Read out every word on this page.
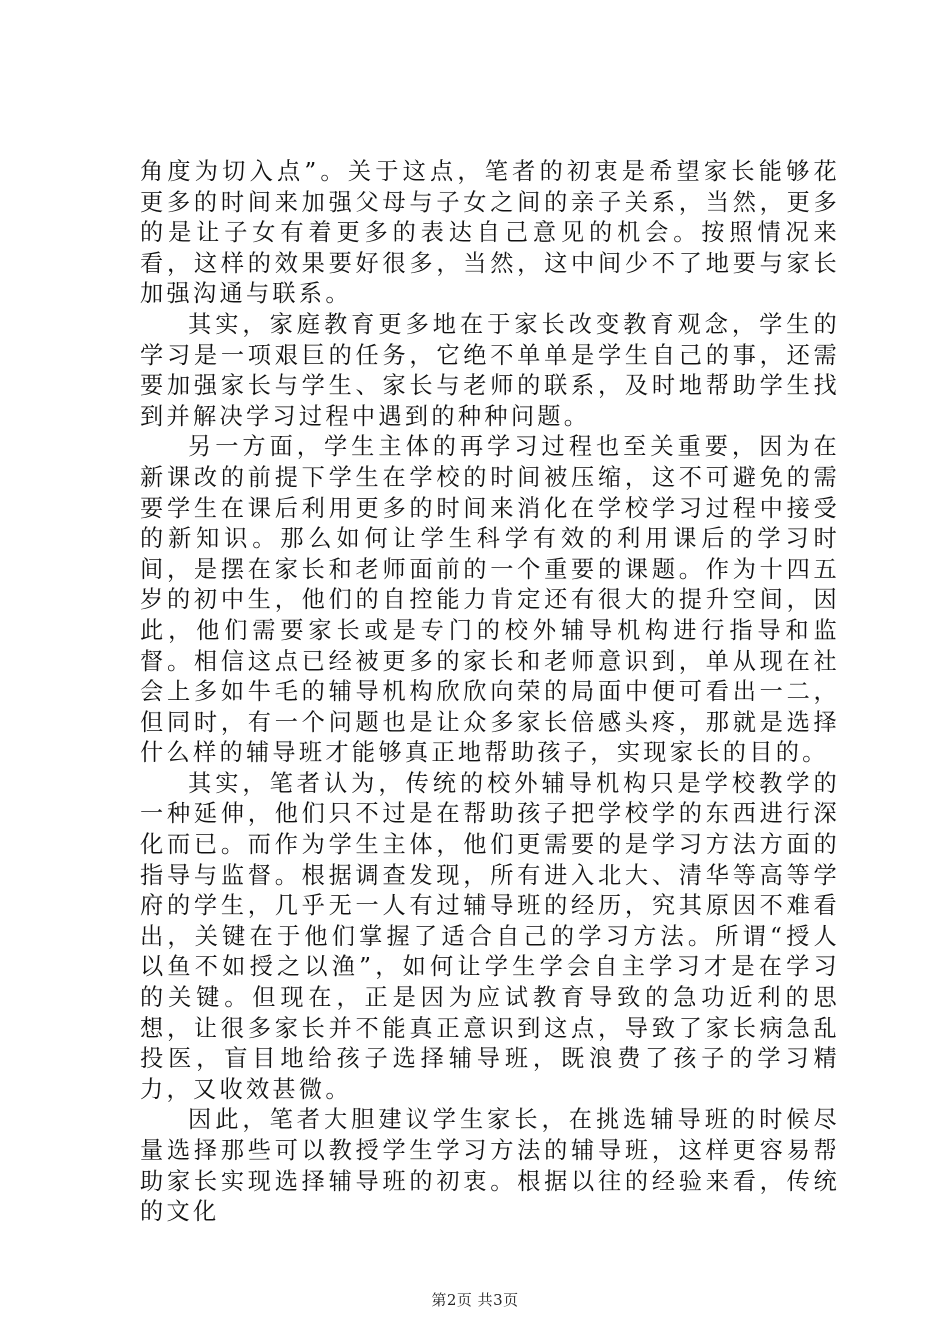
角度为切入点”。关于这点，笔者的初衷是希望家长能够花更多的时间来加强父母与子女之间的亲子关系，当然，更多的是让子女有着更多的表达自己意见的机会。按照情况来看，这样的效果要好很多，当然，这中间少不了地要与家长加强沟通与联系。

其实，家庭教育更多地在于家长改变教育观念，学生的学习是一项艰巨的任务，它绝不单单是学生自己的事，还需要加强家长与学生、家长与老师的联系，及时地帮助学生找到并解决学习过程中遇到的种种问题。

另一方面，学生主体的再学习过程也至关重要，因为在新课改的前提下学生在学校的时间被压缩，这不可避免的需要学生在课后利用更多的时间来消化在学校学习过程中接受的新知识。那么如何让学生科学有效的利用课后的学习时间，是摆在家长和老师面前的一个重要的课题。作为十四五岁的初中生，他们的自控能力肯定还有很大的提升空间，因此，他们需要家长或是专门的校外辅导机构进行指导和监督。相信这点已经被更多的家长和老师意识到，单从现在社会上多如牛毛的辅导机构欣欣向荣的局面中便可看出一二，但同时，有一个问题也是让众多家长倍感头疼，那就是选择什么样的辅导班才能够真正地帮助孩子，实现家长的目的。

其实，笔者认为，传统的校外辅导机构只是学校教学的一种延伸，他们只不过是在帮助孩子把学校学的东西进行深化而已。而作为学生主体，他们更需要的是学习方法方面的指导与监督。根据调查发现，所有进入北大、清华等高等学府的学生，几乎无一人有过辅导班的经历，究其原因不难看出，关键在于他们掌握了适合自己的学习方法。所谓“授人以鱼不如授之以渔”，如何让学生学会自主学习才是在学习的关键。但现在，正是因为应试教育导致的急功近利的思想，让很多家长并不能真正意识到这点，导致了家长病急乱投医，盲目地给孩子选择辅导班，既浪费了孩子的学习精力，又收效甚微。

因此，笔者大胆建议学生家长，在挑选辅导班的时候尽量选择那些可以教授学生学习方法的辅导班，这样更容易帮助家长实现选择辅导班的初衷。根据以往的经验来看，传统的文化

第2页 共3页
